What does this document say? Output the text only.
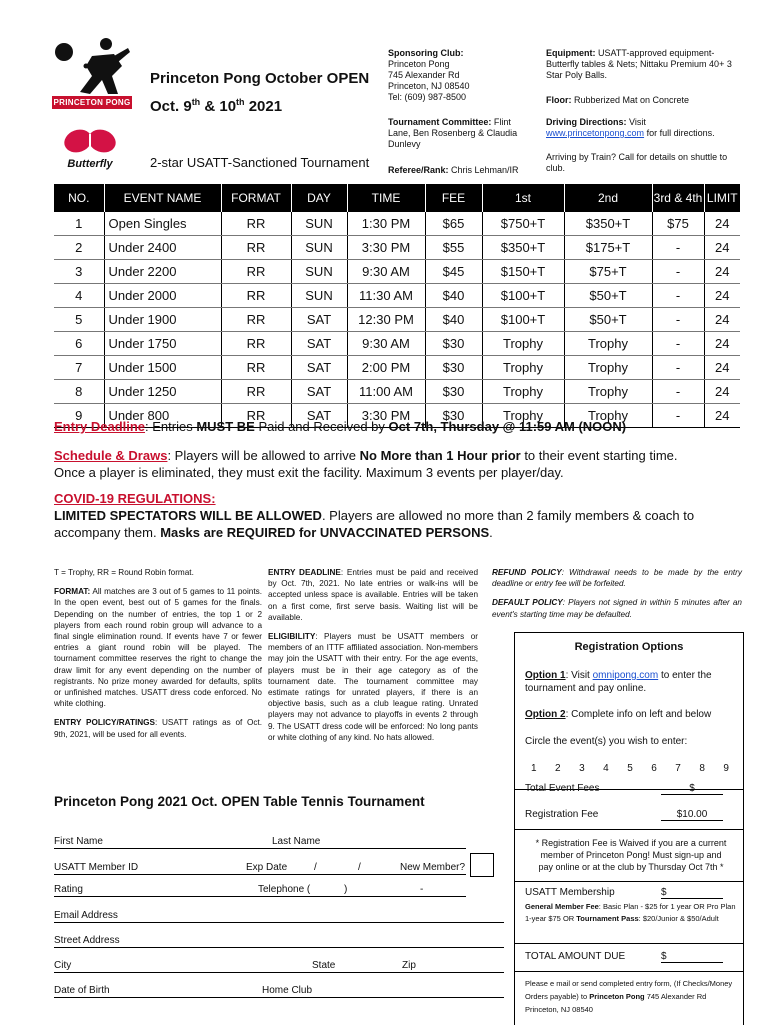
PRINCETON PONG
Butterfly
Princeton Pong October OPEN
Oct. 9th & 10th 2021
2-star USATT-Sanctioned Tournament
Sponsoring Club:
Princeton Pong
745 Alexander Rd
Princeton, NJ 08540
Tel: (609) 987-8500
Tournament Committee: Flint Lane, Ben Rosenberg & Claudia Dunlevy
Referee/Rank: Chris Lehman/IR
Equipment: USATT-approved equipment- Butterfly tables & Nets; Nittaku Premium 40+ 3 Star Poly Balls.
Floor: Rubberized Mat on Concrete
Driving Directions: Visit www.princetonpong.com for full directions.
Arriving by Train? Call for details on shuttle to club.
NO.	EVENT NAME	FORMAT	DAY	TIME	FEE	1st	2nd	3rd & 4th	LIMIT
1	Open Singles	RR	SUN	1:30 PM	$65	$750+T	$350+T	$75	24
2	Under 2400	RR	SUN	3:30 PM	$55	$350+T	$175+T	-	24
3	Under 2200	RR	SUN	9:30 AM	$45	$150+T	$75+T	-	24
4	Under 2000	RR	SUN	11:30 AM	$40	$100+T	$50+T	-	24
5	Under 1900	RR	SAT	12:30 PM	$40	$100+T	$50+T	-	24
6	Under 1750	RR	SAT	9:30 AM	$30	Trophy	Trophy	-	24
7	Under 1500	RR	SAT	2:00 PM	$30	Trophy	Trophy	-	24
8	Under 1250	RR	SAT	11:00 AM	$30	Trophy	Trophy	-	24
9	Under 800	RR	SAT	3:30 PM	$30	Trophy	Trophy	-	24
Entry Deadline: Entries MUST BE Paid and Received by Oct 7th, Thursday @ 11:59 AM (NOON)
Schedule & Draws: Players will be allowed to arrive No More than 1 Hour prior to their event starting time.
Once a player is eliminated, they must exit the facility. Maximum 3 events per player/day.
COVID-19 REGULATIONS:
LIMITED SPECTATORS WILL BE ALLOWED. Players are allowed no more than 2 family members & coach to accompany them. Masks are REQUIRED for UNVACCINATED PERSONS.
T = Trophy, RR = Round Robin format.
FORMAT: All matches are 3 out of 5 games to 11 points. In the open event, best out of 5 games for the finals. Depending on the number of entries, the top 1 or 2 players from each round robin group will advance to a final single elimination round. If events have 7 or fewer entries a giant round robin will be played. The tournament committee reserves the right to change the draw limit for any event depending on the number of registrants. No prize money awarded for defaults, splits or unfinished matches. USATT dress code enforced. No white clothing.
ENTRY POLICY/RATINGS: USATT ratings as of Oct. 9th, 2021, will be used for all events.
ENTRY DEADLINE: Entries must be paid and received by Oct. 7th, 2021. No late entries or walk-ins will be accepted unless space is available. Entries will be taken on a first come, first serve basis. Waiting list will be available.
ELIGIBILITY: Players must be USATT members or members of an ITTF affiliated association. Non-members may join the USATT with their entry. For the age events, players must be in their age category as of the tournament date. The tournament committee may estimate ratings for unrated players, if there is an objective basis, such as a club league rating. Unrated players may not advance to playoffs in events 2 through 9. The USATT dress code will be enforced: No long pants or white clothing of any kind. No hats allowed.
REFUND POLICY: Withdrawal needs to be made by the entry deadline or entry fee will be forfeited.
DEFAULT POLICY: Players not signed in within 5 minutes after an event's starting time may be defaulted.
Registration Options
Option 1: Visit omnipong.com to enter the tournament and pay online.
Option 2: Complete info on left and below
Circle the event(s) you wish to enter:
1 2 3 4 5 6 7 8 9
Total Event Fees	$
Registration Fee	$10.00
* Registration Fee is Waived if you are a current member of Princeton Pong! Must sign-up and pay online or at the club by Thursday Oct 7th *
USATT Membership	$
General Member Fee: Basic Plan - $25 for 1 year OR Pro Plan 1-year $75 OR Tournament Pass: $20/Junior & $50/Adult
TOTAL AMOUNT DUE	$
Please e mail or send completed entry form, (If Checks/Money Orders payable) to Princeton Pong 745 Alexander Rd Princeton, NJ 08540
Princeton Pong 2021 Oct. OPEN Table Tennis Tournament
First Name	Last Name
USATT Member ID	Exp Date	/	/	New Member?
Rating	Telephone (	)	-
Email Address
Street Address
City	State	Zip
Date of Birth	Home Club
